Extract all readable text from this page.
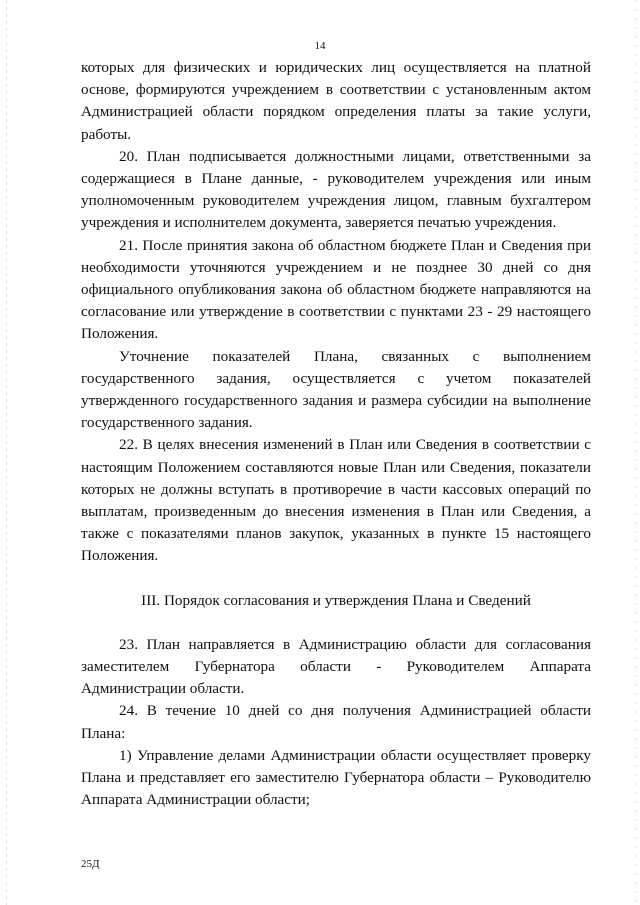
14

которых для физических и юридических лиц осуществляется на платной основе, формируются учреждением в соответствии с установленным актом Администрацией области порядком определения платы за такие услуги, работы.

20. План подписывается должностными лицами, ответственными за содержащиеся в Плане данные, - руководителем учреждения или иным уполномоченным руководителем учреждения лицом, главным бухгалтером учреждения и исполнителем документа, заверяется печатью учреждения.

21. После принятия закона об областном бюджете План и Сведения при необходимости уточняются учреждением и не позднее 30 дней со дня официального опубликования закона об областном бюджете направляются на согласование или утверждение в соответствии с пунктами 23 - 29 настоящего Положения.

Уточнение показателей Плана, связанных с выполнением государственного задания, осуществляется с учетом показателей утвержденного государственного задания и размера субсидии на выполнение государственного задания.

22. В целях внесения изменений в План или Сведения в соответствии с настоящим Положением составляются новые План или Сведения, показатели которых не должны вступать в противоречие в части кассовых операций по выплатам, произведенным до внесения изменения в План или Сведения, а также с показателями планов закупок, указанных в пункте 15 настоящего Положения.

III. Порядок согласования и утверждения Плана и Сведений

23. План направляется в Администрацию области для согласования заместителем Губернатора области - Руководителем Аппарата Администрации области.

24. В течение 10 дней со дня получения Администрацией области Плана:

1) Управление делами Администрации области осуществляет проверку Плана и представляет его заместителю Губернатора области – Руководителю Аппарата Администрации области;

25Д
